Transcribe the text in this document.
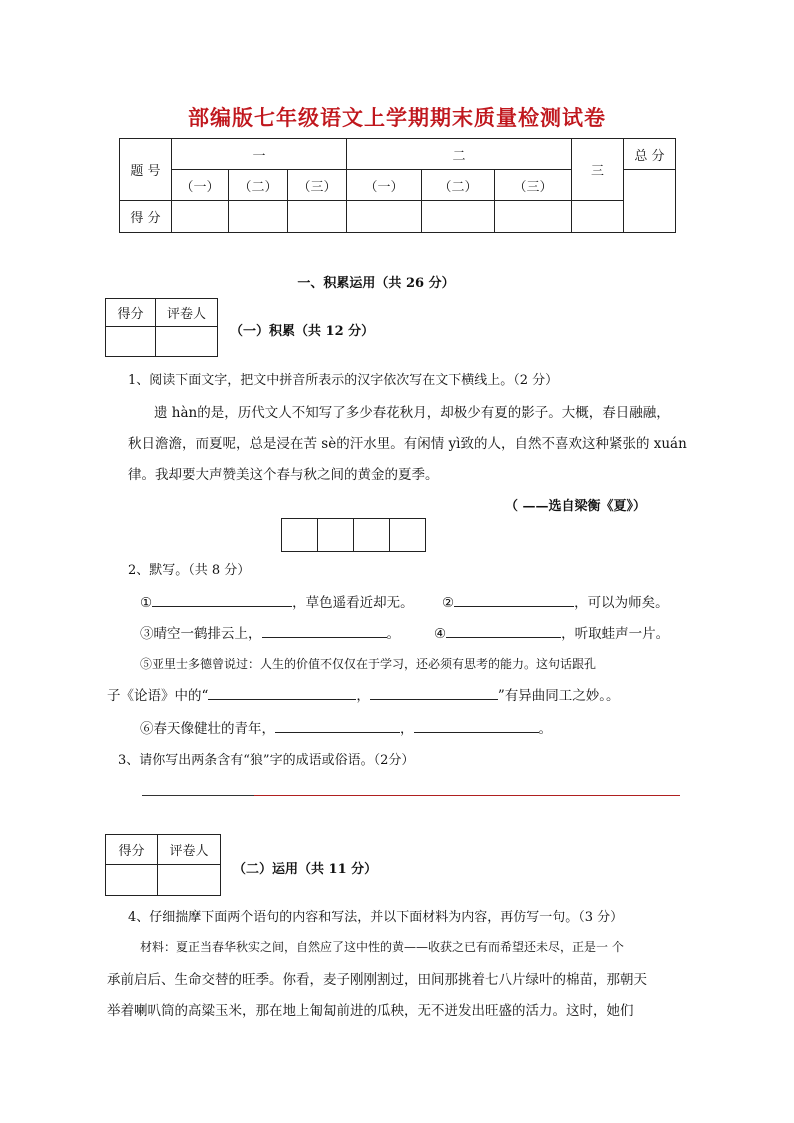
部编版七年级语文上学期期末质量检测试卷
题 号	一			二			三	总 分
	（一）	（二）	（三）	（一）	（二）	（三）		
得 分								
一、积累运用（共 26 分）
得分	评卷人

（一）积累（共 12 分）
1、阅读下面文字，把文中拼音所表示的汉字依次写在文下横线上。（2 分）
遗 hàn的是，历代文人不知写了多少春花秋月，却极少有夏的影子。大概，春日融融，
秋日澹澹，而夏呢，总是浸在苦 sè的汗水里。有闲情 yì致的人，自然不喜欢这种紧张的 xuán
律。我却要大声赞美这个春与秋之间的黄金的夏季。
（ ——选自梁衡《夏》）
2、默写。（共 8 分）
①	，草色遥看近却无。 ②	，可以为师矣。
③晴空一鹤排云上，	。	④	，听取蛙声一片。
⑤亚里士多德曾说过：人生的价值不仅仅在于学习，还必须有思考的能力。这句话跟孔
子《论语》中的“	，	”有异曲同工之妙。。
⑥春天像健壮的青年，	，	。
3、请你写出两条含有“狼”字的成语或俗语。（2分）
得分	评卷人

（二）运用（共 11 分）
4、仔细揣摩下面两个语句的内容和写法，并以下面材料为内容，再仿写一句。（3 分）
材料：夏正当春华秋实之间，自然应了这中性的黄——收获之已有而希望还未尽，正是一 个
承前启后、生命交替的旺季。你看，麦子刚刚割过，田间那挑着七八片绿叶的棉苗，那朝天
举着喇叭筒的高粱玉米，那在地上匍匐前进的瓜秧，无不迸发出旺盛的活力。这时，她们
